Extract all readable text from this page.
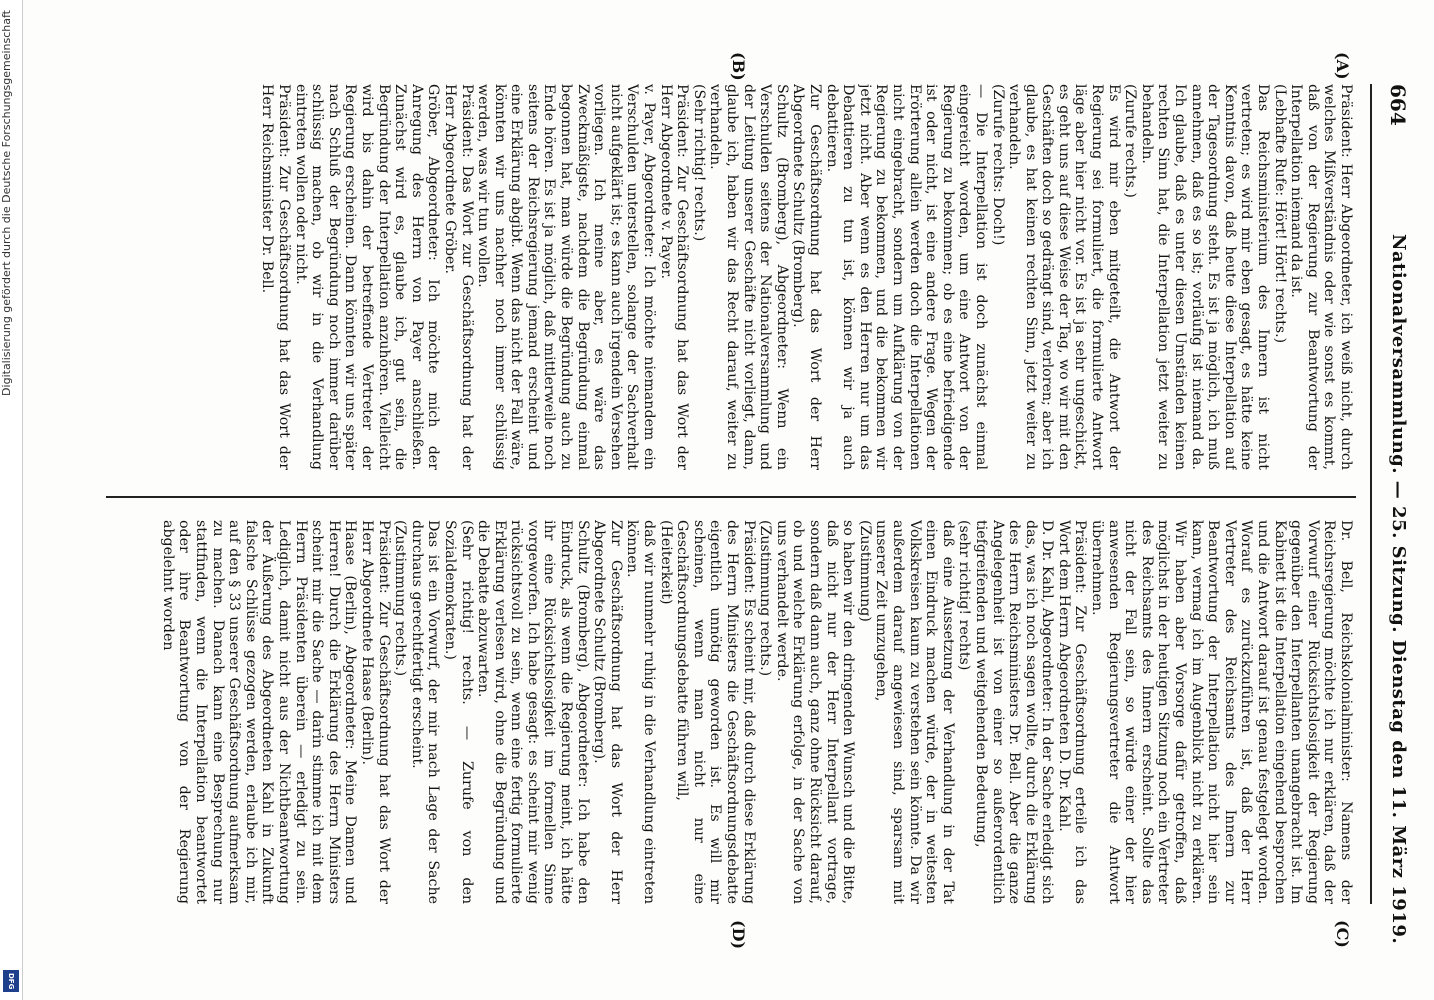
664
Nationalversammlung. — 25. Sitzung. Dienstag den 11. März 1919.
(A)
(B)
(C)
(D)
Präsident: Herr Abgeordneter, ich weiß nicht, durch welches Mißverständnis oder wie sonst es kommt, daß von der Regierung zur Beantwortung der Interpellation niemand da ist.
(Lebhafte Rufe: Hört! Hört! rechts.)
Das Reichsministerium des Innern ist nicht vertreten; es wird mir eben gesagt, es hätte keine Kenntnis davon, daß heute diese Interpellation auf der Tagesordnung steht. Es ist ja möglich, ich muß annehmen, daß es so ist; vorläufig ist niemand da. Ich glaube, daß es unter diesen Umständen keinen rechten Sinn hat, die Interpellation jetzt weiter zu behandeln.
(Zurufe rechts.)
Es wird mir eben mitgeteilt, die Antwort der Regierung sei formuliert, die formulierte Antwort läge aber hier nicht vor. Es ist ja sehr ungeschickt, es geht uns auf diese Weise der Tag, wo wir mit den Geschäften doch so gedrängt sind, verloren; aber ich glaube, es hat keinen rechten Sinn, jetzt weiter zu verhandeln.
(Zurufe rechts: Doch!)
— Die Interpellation ist doch zunächst einmal eingereicht worden, um eine Antwort von der Regierung zu bekommen; ob es eine befriedigende ist oder nicht, ist eine andere Frage. Wegen der Erörterung allein werden doch die Interpellationen nicht eingebracht, sondern um Aufklärung von der Regierung zu bekommen, und die bekommen wir jetzt nicht. Aber wenn es den Herren nur um das Debattieren zu tun ist, können wir ja auch debattieren.
Zur Geschäftsordnung hat das Wort der Herr Abgeordnete Schultz (Bromberg).
Schultz (Bromberg), Abgeordneter: Wenn ein Verschulden seitens der Nationalversammlung und der Leitung unserer Geschäfte nicht vorliegt, dann, glaube ich, haben wir das Recht darauf, weiter zu verhandeln.
(Sehr richtig! rechts.)
Präsident: Zur Geschäftsordnung hat das Wort der Herr Abgeordnete v. Payer.
v. Payer, Abgeordneter: Ich möchte niemandem ein Verschulden unterstellen, solange der Sachverhalt nicht aufgeklärt ist; es kann auch irgendein Versehen vorliegen. Ich meine aber, es wäre das Zweckmäßigste, nachdem die Begründung einmal begonnen hat, man würde die Begründung auch zu Ende hören. Es ist ja möglich, daß mittlerweile noch seitens der Reichsregierung jemand erscheint und eine Erklärung abgibt. Wenn das nicht der Fall wäre, könnten wir uns nachher noch immer schlüssig werden, was wir tun wollen.
Präsident: Das Wort zur Geschäftsordnung hat der Herr Abgeordnete Gröber.
Gröber, Abgeordneter: Ich möchte mich der Anregung des Herrn von Payer anschließen. Zunächst wird es, glaube ich, gut sein, die Begründung der Interpellation anzuhören. Vielleicht wird bis dahin der betreffende Vertreter der Regierung erscheinen. Dann könnten wir uns später nach Schluß der Begründung noch immer darüber schlüssig machen, ob wir in die Verhandlung eintreten wollen oder nicht.
Präsident: Zur Geschäftsordnung hat das Wort der Herr Reichsminister Dr. Bell.
Dr. Bell, Reichskolonialminister: Namens der Reichsregierung möchte ich nur erklären, daß der Vorwurf einer Rücksichtslosigkeit der Regierung gegenüber den Interpellanten unangebracht ist. Im Kabinett ist die Interpellation eingehend besprochen und die Antwort darauf ist genau festgelegt worden. Worauf es zurückzuführen ist, daß der Herr Vertreter des Reichsamts des Innern zur Beantwortung der Interpellation nicht hier sein kann, vermag ich im Augenblick nicht zu erklären. Wir haben aber Vorsorge dafür getroffen, daß möglichst in der heutigen Sitzung noch ein Vertreter des Reichsamts des Innern erscheint. Sollte das nicht der Fall sein, so würde einer der hier anwesenden Regierungsvertreter die Antwort übernehmen.
Präsident: Zur Geschäftsordnung erteile ich das Wort dem Herrn Abgeordneten D. Dr. Kahl.
D. Dr. Kahl, Abgeordneter: In der Sache erledigt sich das, was ich noch sagen wollte, durch die Erklärung des Herrn Reichsministers Dr. Bell. Aber die ganze Angelegenheit ist von einer so außerordentlich tiefgreifenden und weitgehenden Bedeutung,
(sehr richtig! rechts)
daß eine Aussetzung der Verhandlung in der Tat einen Eindruck machen würde, der in weitesten Volkskreisen kaum zu verstehen sein könnte. Da wir außerdem darauf angewiesen sind, sparsam mit unserer Zeit umzugehen,
(Zustimmung)
so haben wir den dringenden Wunsch und die Bitte, daß nicht nur der Herr Interpellant vortrage, sondern daß dann auch, ganz ohne Rücksicht darauf, ob und welche Erklärung erfolge, in der Sache von uns verhandelt werde.
(Zustimmung rechts.)
Präsident: Es scheint mir, daß durch diese Erklärung des Herrn Ministers die Geschäftsordnungsdebatte eigentlich unnötig geworden ist. Es will mir scheinen, wenn man nicht nur eine Geschäftsordnungsdebatte führen will,
(Heiterkeit)
daß wir nunmehr ruhig in die Verhandlung eintreten können.
Zur Geschäftsordnung hat das Wort der Herr Abgeordnete Schultz (Bromberg).
Schultz (Bromberg), Abgeordneter: Ich habe den Eindruck, als wenn die Regierung meint, ich hätte ihr eine Rücksichtslosigkeit im formellen Sinne vorgeworfen. Ich habe gesagt: es scheint mir wenig rücksichtsvoll zu sein, wenn eine fertig formulierte Erklärung verlesen wird, ohne die Begründung und die Debatte abzuwarten.
(Sehr richtig! rechts. — Zurufe von den Sozialdemokraten.)
Das ist ein Vorwurf, der mir nach Lage der Sache durchaus gerechtfertigt erscheint.
(Zustimmung rechts.)
Präsident: Zur Geschäftsordnung hat das Wort der Herr Abgeordnete Haase (Berlin).
Haase (Berlin), Abgeordneter: Meine Damen und Herren! Durch die Erklärung des Herrn Ministers scheint mir die Sache — darin stimme ich mit dem Herrn Präsidenten überein — erledigt zu sein. Lediglich, damit nicht aus der Nichtbeantwortung der Äußerung des Abgeordneten Kahl in Zukunft falsche Schlüsse gezogen werden, erlaube ich mir, auf den § 33 unserer Geschäftsordnung aufmerksam zu machen. Danach kann eine Besprechung nur stattfinden, wenn die Interpellation beantwortet oder ihre Beantwortung von der Regierung abgelehnt worden
Digitalisierung gefördert durch die Deutsche Forschungsgemeinschaft
DFG
